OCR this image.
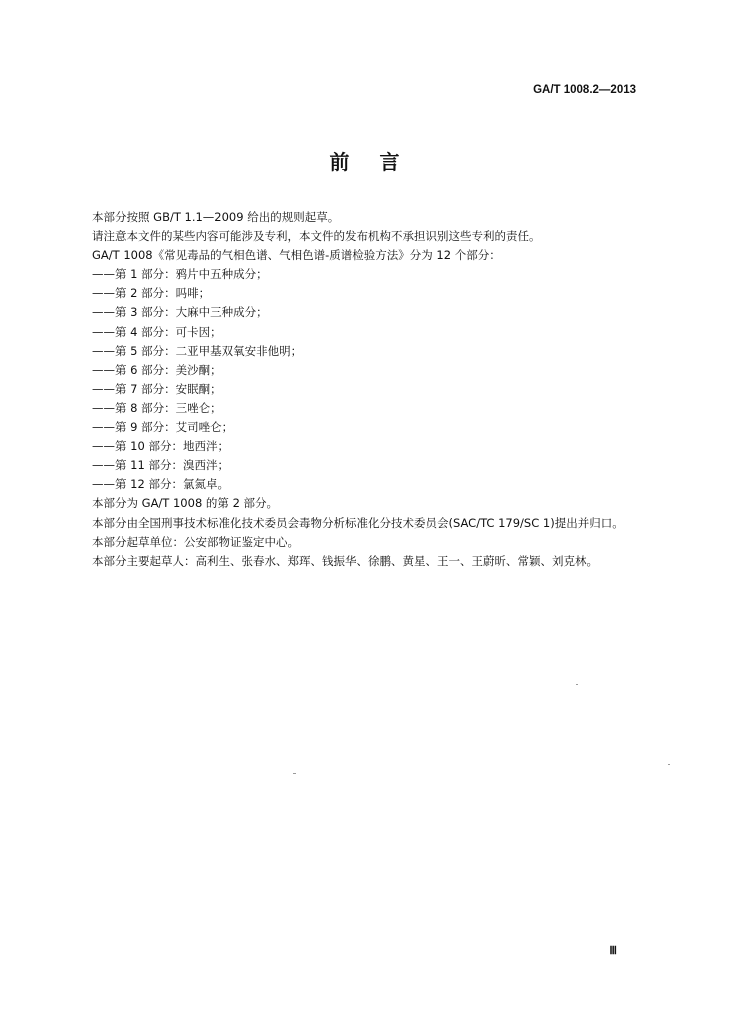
GA/T 1008.2—2013
前言

本部分按照 GB/T 1.1—2009 给出的规则起草。

请注意本文件的某些内容可能涉及专利，本文件的发布机构不承担识别这些专利的责任。

GA/T 1008《常见毒品的气相色谱、气相色谱-质谱检验方法》分为 12 个部分：

——第 1 部分：鸦片中五种成分；
——第 2 部分：吗啡；
——第 3 部分：大麻中三种成分；
——第 4 部分：可卡因；
——第 5 部分：二亚甲基双氧安非他明；
——第 6 部分：美沙酮；
——第 7 部分：安眠酮；
——第 8 部分：三唑仑；
——第 9 部分：艾司唑仑；
——第 10 部分：地西泮；
——第 11 部分：溴西泮；
——第 12 部分：氯氮卓。

本部分为 GA/T 1008 的第 2 部分。

本部分由全国刑事技术标准化技术委员会毒物分析标准化分技术委员会(SAC/TC 179/SC 1)提出并归口。

本部分起草单位：公安部物证鉴定中心。

本部分主要起草人：高利生、张春水、郑珲、钱振华、徐鹏、黄星、王一、王蔚昕、常颖、刘克林。

Ⅲ
